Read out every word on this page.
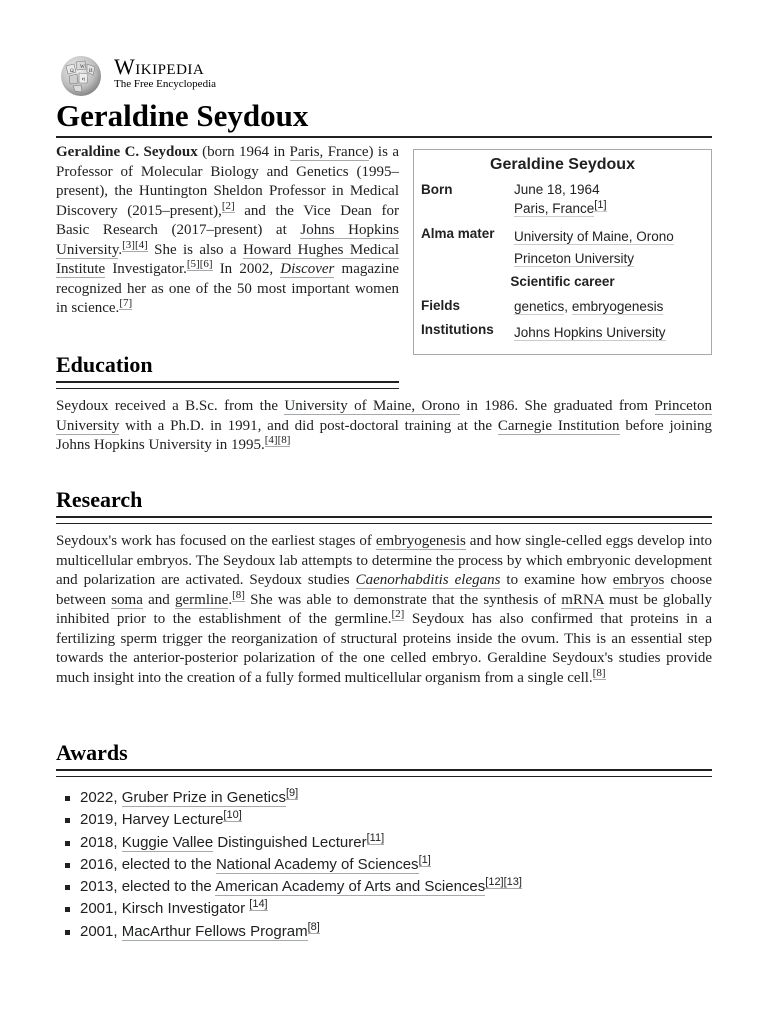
Ω
W
И
ग
Wikipedia
The Free Encyclopedia
Geraldine Seydoux

Geraldine C. Seydoux (born 1964 in Paris, France) is a Professor of Molecular Biology and Genetics (1995–present), the Huntington Sheldon Professor in Medical Discovery (2015–present),[2] and the Vice Dean for Basic Research (2017–present) at Johns Hopkins University.[3][4] She is also a Howard Hughes Medical Institute Investigator.[5][6] In 2002, Discover magazine recognized her as one of the 50 most important women in science.[7]

Geraldine Seydoux
Born	June 18, 1964
Paris, France[1]
Alma mater University of Maine, Orono
Princeton University
Scientific career
Fields	genetics, embryogenesis
Institutions Johns Hopkins University
Education

Seydoux received a B.Sc. from the University of Maine, Orono in 1986. She graduated from Princeton University with a Ph.D. in 1991, and did post-doctoral training at the Carnegie Institution before joining Johns Hopkins University in 1995.[4][8]

Research

Seydoux's work has focused on the earliest stages of embryogenesis and how single-celled eggs develop into multicellular embryos. The Seydoux lab attempts to determine the process by which embryonic development and polarization are activated. Seydoux studies Caenorhabditis elegans to examine how embryos choose between soma and germline.[8] She was able to demonstrate that the synthesis of mRNA must be globally inhibited prior to the establishment of the germline.[2] Seydoux has also confirmed that proteins in a fertilizing sperm trigger the reorganization of structural proteins inside the ovum. This is an essential step towards the anterior-posterior polarization of the one celled embryo. Geraldine Seydoux's studies provide much insight into the creation of a fully formed multicellular organism from a single cell.[8]

Awards
2022, Gruber Prize in Genetics[9]
2019, Harvey Lecture[10]
2018, Kuggie Vallee Distinguished Lecturer[11]
2016, elected to the National Academy of Sciences[1]
2013, elected to the American Academy of Arts and Sciences[12][13]
2001, Kirsch Investigator [14]
2001, MacArthur Fellows Program[8]
